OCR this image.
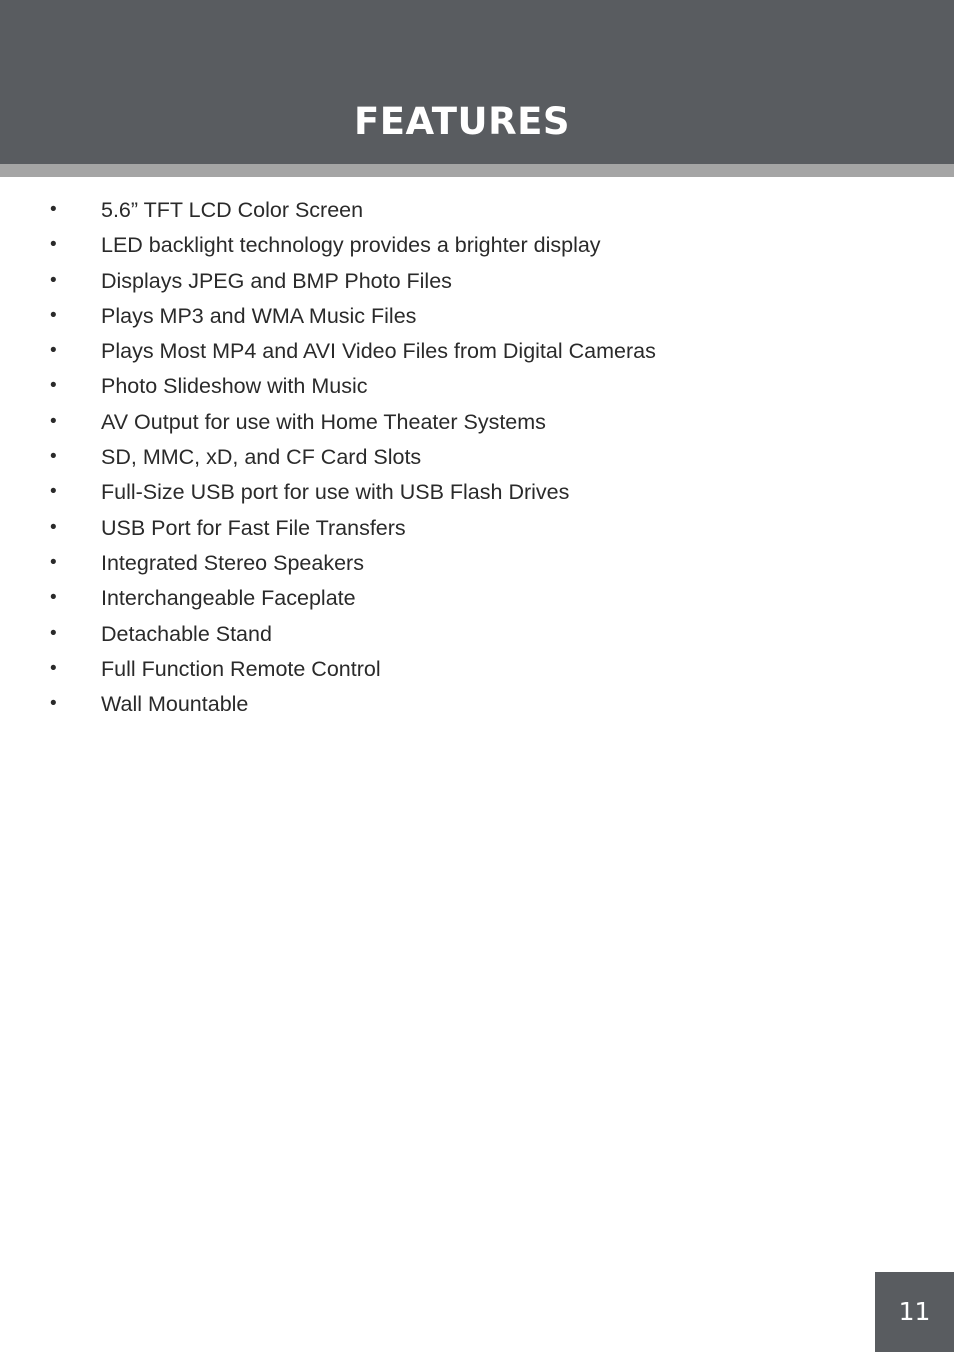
FEATURES
• 5.6” TFT LCD Color Screen
• LED backlight technology provides a brighter display
• Displays JPEG and BMP Photo Files
• Plays MP3 and WMA Music Files
• Plays Most MP4 and AVI Video Files from Digital Cameras
• Photo Slideshow with Music
• AV Output for use with Home Theater Systems
• SD, MMC, xD, and CF Card Slots
• Full-Size USB port for use with USB Flash Drives
• USB Port for Fast File Transfers
• Integrated Stereo Speakers
• Interchangeable Faceplate
• Detachable Stand
• Full Function Remote Control
• Wall Mountable
11
